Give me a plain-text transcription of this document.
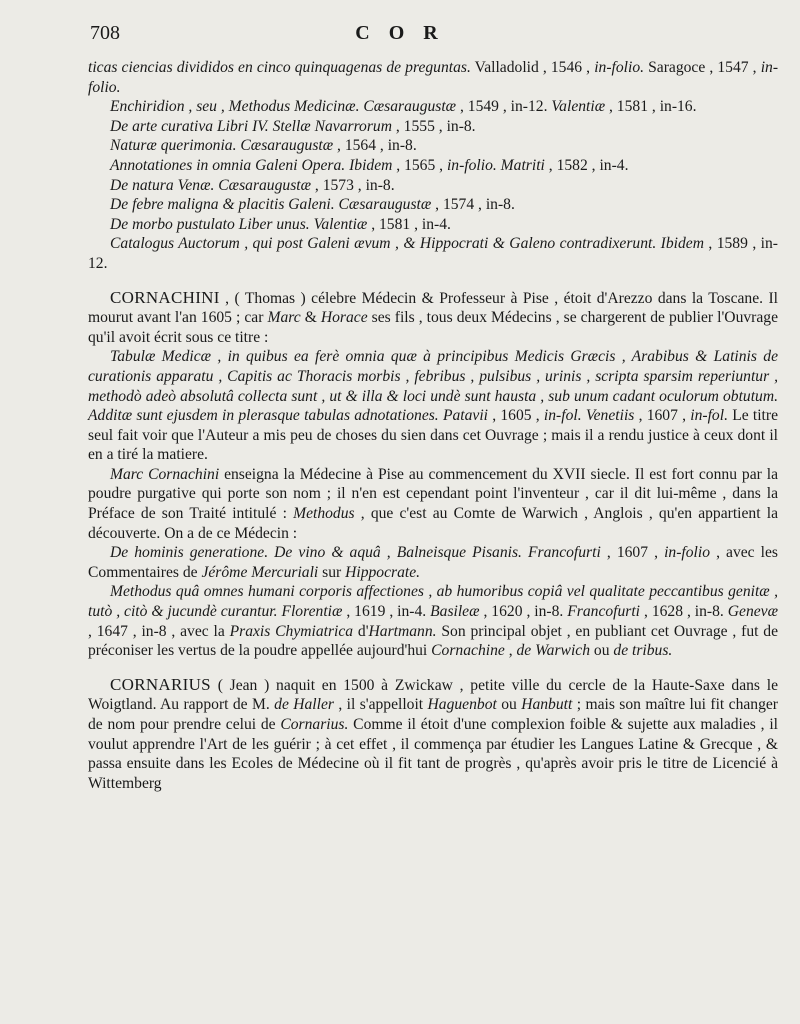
708	C O R

ticas ciencias divididos en cinco quinquagenas de preguntas. Valladolid , 1546 , in-folio. Saragoce , 1547 , in-folio.

Enchiridion , seu , Methodus Medicinæ. Cæsaraugustæ , 1549 , in-12. Valentiæ , 1581 , in-16.

De arte curativa Libri IV. Stellæ Navarrorum , 1555 , in-8.

Naturæ querimonia. Cæsaraugustæ , 1564 , in-8.

Annotationes in omnia Galeni Opera. Ibidem , 1565 , in-folio. Matriti , 1582 , in-4.

De natura Venæ. Cæsaraugustæ , 1573 , in-8.

De febre maligna & placitis Galeni. Cæsaraugustæ , 1574 , in-8.

De morbo pustulato Liber unus. Valentiæ , 1581 , in-4.

Catalogus Auctorum , qui post Galeni ævum , & Hippocrati & Galeno contradixerunt. Ibidem , 1589 , in-12.

CORNACHINI , ( Thomas ) célebre Médecin & Professeur à Pise , étoit d'Arezzo dans la Toscane. Il mourut avant l'an 1605 ; car Marc & Horace ses fils , tous deux Médecins , se chargerent de publier l'Ouvrage qu'il avoit écrit sous ce titre :

Tabulæ Medicæ , in quibus ea ferè omnia quæ à principibus Medicis Græcis , Arabibus & Latinis de curationis apparatu , Capitis ac Thoracis morbis , febribus , pulsibus , urinis , scripta sparsim reperiuntur , methodò adeò absolutâ collecta sunt , ut & illa & loci undè sunt hausta , sub unum cadant oculorum obtutum. Additæ sunt ejusdem in plerasque tabulas adnotationes. Patavii , 1605 , in-fol. Venetiis , 1607 , in-fol. Le titre seul fait voir que l'Auteur a mis peu de choses du sien dans cet Ouvrage ; mais il a rendu justice à ceux dont il en a tiré la matiere.

Marc Cornachini enseigna la Médecine à Pise au commencement du XVII siecle. Il est fort connu par la poudre purgative qui porte son nom ; il n'en est cependant point l'inventeur , car il dit lui-même , dans la Préface de son Traité intitulé : Methodus , que c'est au Comte de Warwich , Anglois , qu'en appartient la découverte. On a de ce Médecin :

De hominis generatione. De vino & aquâ , Balneisque Pisanis. Francofurti , 1607 , in-folio , avec les Commentaires de Jérôme Mercuriali sur Hippocrate.

Methodus quâ omnes humani corporis affectiones , ab humoribus copiâ vel qualitate peccantibus genitæ , tutò , citò & jucundè curantur. Florentiæ , 1619 , in-4. Basileæ , 1620 , in-8. Francofurti , 1628 , in-8. Genevæ , 1647 , in-8 , avec la Praxis Chymiatrica d'Hartmann. Son principal objet , en publiant cet Ouvrage , fut de préconiser les vertus de la poudre appellée aujourd'hui Cornachine , de Warwich ou de tribus.

CORNARIUS ( Jean ) naquit en 1500 à Zwickaw , petite ville du cercle de la Haute-Saxe dans le Woigtland. Au rapport de M. de Haller , il s'appelloit Haguenbot ou Hanbutt ; mais son maître lui fit changer de nom pour prendre celui de Cornarius. Comme il étoit d'une complexion foible & sujette aux maladies , il voulut apprendre l'Art de les guérir ; à cet effet , il commença par étudier les Langues Latine & Grecque , & passa ensuite dans les Ecoles de Médecine où il fit tant de progrès , qu'après avoir pris le titre de Licencié à Wittemberg
